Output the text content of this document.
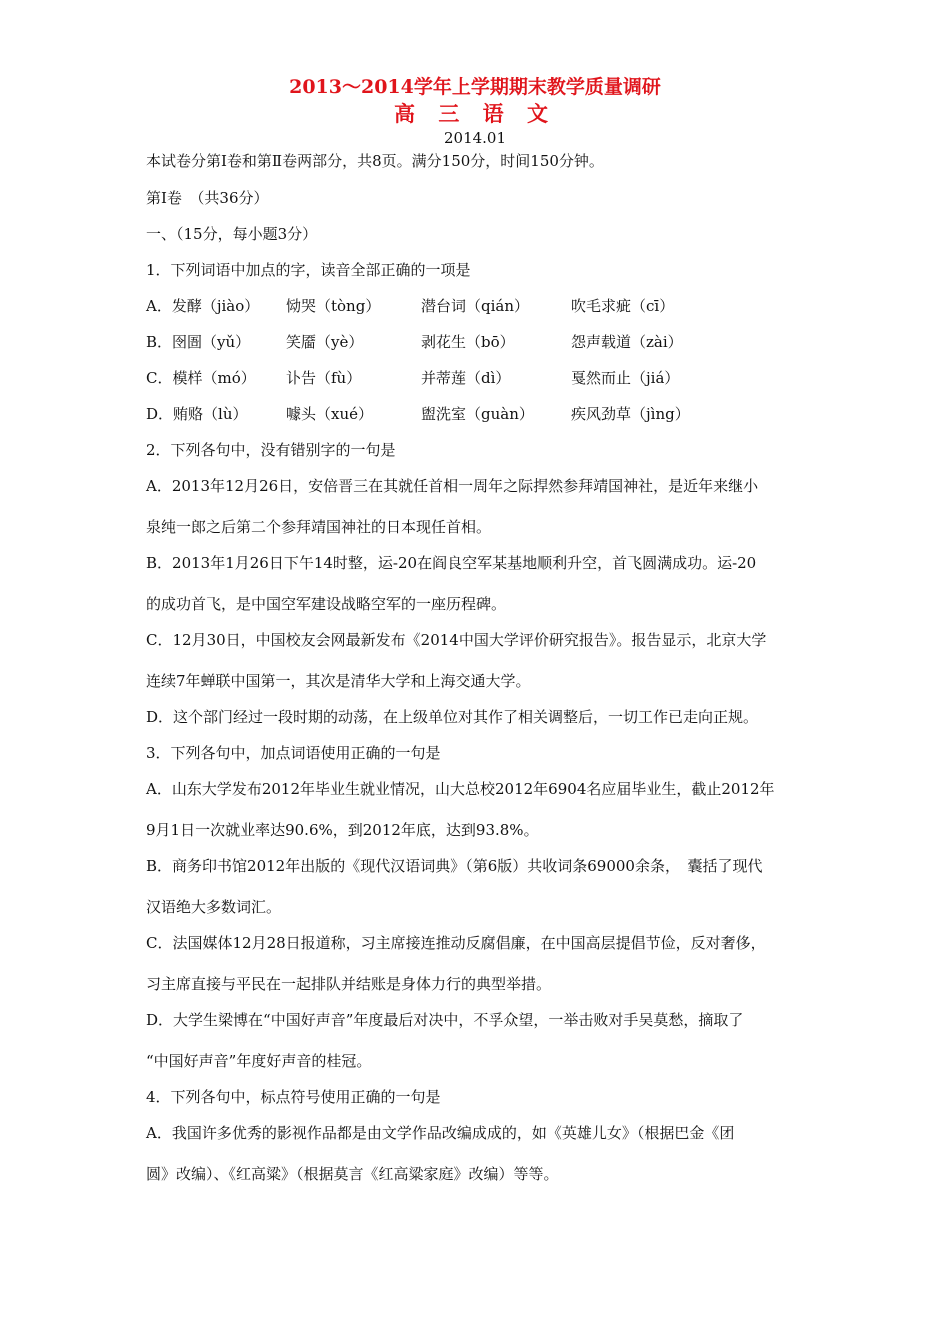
2013～2014学年上学期期末教学质量调研
高 三 语 文
2014.01
本试卷分第Ⅰ卷和第Ⅱ卷两部分，共8页。满分150分，时间150分钟。
第Ⅰ卷　（共36分）
一、（15分，每小题3分）
1．下列词语中加点的字，读音全部正确的一项是
A．发酵（jiào） 恸哭（tòng）	潜台词（qián）	吹毛求疵（cī）
B．囹圄（yǔ） 笑靥（yè）	剥花生（bō）	怨声载道（zài）
C．模样（mó） 讣告（fù）	并蒂莲（dì）	戛然而止（jiá）
D．贿赂（lù）	噱头（xué）	盥洗室（guàn） 疾风劲草（jìng）
2．下列各句中，没有错别字的一句是
A．2013年12月26日，安倍晋三在其就任首相一周年之际捍然参拜靖国神社，是近年来继小
泉纯一郎之后第二个参拜靖国神社的日本现任首相。
B．2013年1月26日下午14时整，运-20在阎良空军某基地顺利升空，首飞圆满成功。运-20
的成功首飞，是中国空军建设战略空军的一座历程碑。
C．12月30日，中国校友会网最新发布《2014中国大学评价研究报告》。报告显示，北京大学
连续7年蝉联中国第一，其次是清华大学和上海交通大学。
D．这个部门经过一段时期的动荡，在上级单位对其作了相关调整后，一切工作已走向正规。
3．下列各句中，加点词语使用正确的一句是
A．山东大学发布2012年毕业生就业情况，山大总校2012年6904名应届毕业生，截止2012年
9月1日一次就业率达90.6%，到2012年底，达到93.8%。
B．商务印书馆2012年出版的《现代汉语词典》（第6版）共收词条69000余条，　囊括了现代
汉语绝大多数词汇。
C．法国媒体12月28日报道称，习主席接连推动反腐倡廉，在中国高层提倡节俭，反对奢侈，
习主席直接与平民在一起排队并结账是身体力行的典型举措。
D．大学生梁博在“中国好声音”年度最后对决中，不孚众望，一举击败对手吴莫愁，摘取了
“中国好声音”年度好声音的桂冠。
4．下列各句中，标点符号使用正确的一句是
A．我国许多优秀的影视作品都是由文学作品改编成成的，如《英雄儿女》（根据巴金《团
圆》改编）、《红高粱》（根据莫言《红高粱家庭》改编）等等。
